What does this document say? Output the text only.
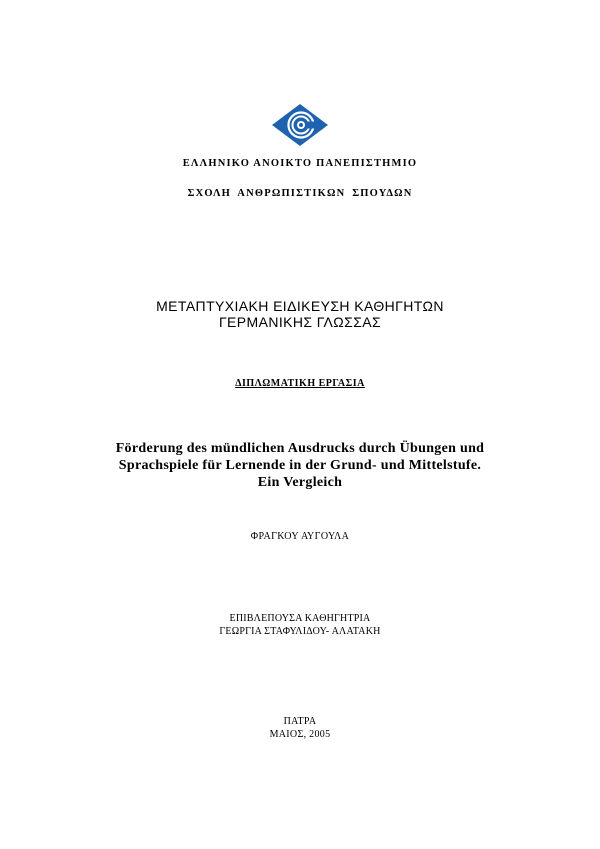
ΕΛΛΗΝΙΚΟ ΑΝΟΙΚΤΟ ΠΑΝΕΠΙΣΤΗΜΙΟ
ΣΧΟΛΗ ΑΝΘΡΩΠΙΣΤΙΚΩΝ ΣΠΟΥΔΩΝ
ΜΕΤΑΠΤΥΧΙΑΚΗ ΕΙΔΙΚΕΥΣΗ ΚΑΘΗΓΗΤΩΝ
ΓΕΡΜΑΝΙΚΗΣ ΓΛΩΣΣΑΣ
ΔΙΠΛΩΜΑΤΙΚΗ ΕΡΓΑΣΙΑ
Förderung des mündlichen Ausdrucks durch Übungen und
Sprachspiele für Lernende in der Grund- und Mittelstufe.
Ein Vergleich
ΦΡΑΓΚΟΥ ΑΥΓΟΥΛΑ
ΕΠΙΒΛΕΠΟΥΣΑ ΚΑΘΗΓΗΤΡΙΑ
ΓΕΩΡΓΙΑ ΣΤΑΦΥΛΙΔΟΥ- ΑΛΑΤΑΚΗ
ΠΑΤΡΑ
ΜΑΙΟΣ, 2005
